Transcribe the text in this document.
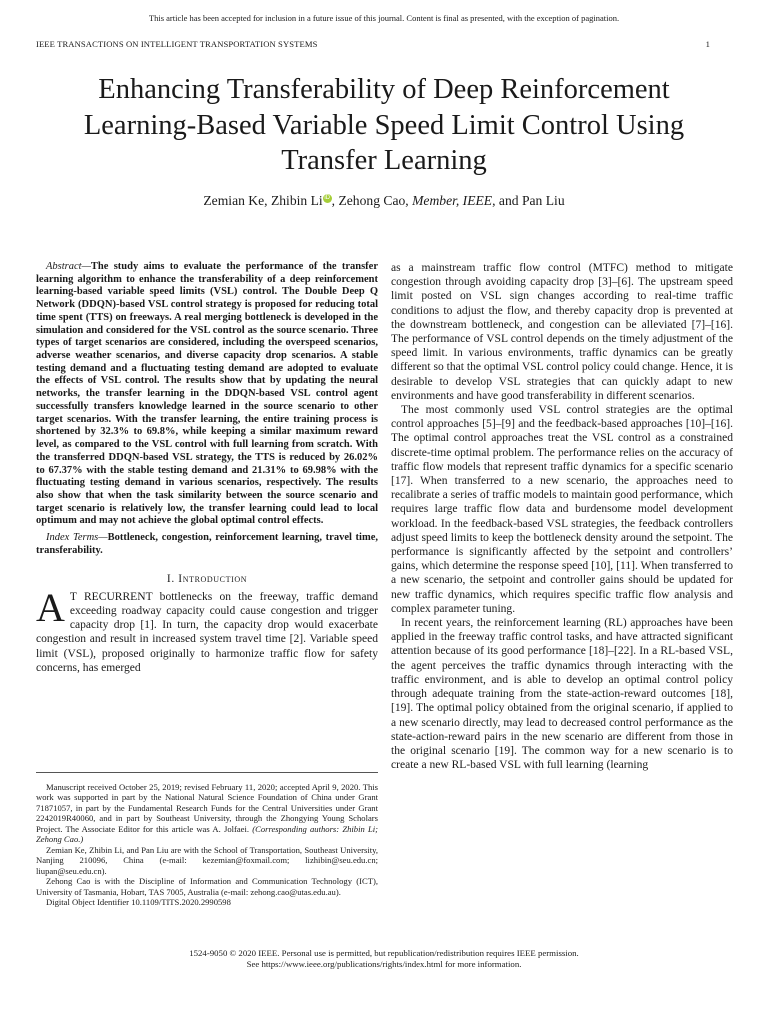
This article has been accepted for inclusion in a future issue of this journal. Content is final as presented, with the exception of pagination.
IEEE TRANSACTIONS ON INTELLIGENT TRANSPORTATION SYSTEMS	1
Enhancing Transferability of Deep Reinforcement Learning-Based Variable Speed Limit Control Using Transfer Learning
Zemian Ke, Zhibin Li iD , Zehong Cao, Member, IEEE, and Pan Liu

Abstract—The study aims to evaluate the performance of the transfer learning algorithm to enhance the transferability of a deep reinforcement learning-based variable speed limits (VSL) control. The Double Deep Q Network (DDQN)-based VSL control strategy is proposed for reducing total time spent (TTS) on freeways. A real merging bottleneck is developed in the simulation and considered for the VSL control as the source scenario. Three types of target scenarios are considered, including the overspeed scenarios, adverse weather scenarios, and diverse capacity drop scenarios. A stable testing demand and a fluctuating testing demand are adopted to evaluate the effects of VSL control. The results show that by updating the neural networks, the transfer learning in the DDQN-based VSL control agent successfully transfers knowledge learned in the source scenario to other target scenarios. With the transfer learning, the entire training process is shortened by 32.3% to 69.8%, while keeping a similar maximum reward level, as compared to the VSL control with full learning from scratch. With the transferred DDQN-based VSL strategy, the TTS is reduced by 26.02% to 67.37% with the stable testing demand and 21.31% to 69.98% with the fluctuating testing demand in various scenarios, respectively. The results also show that when the task similarity between the source scenario and target scenario is relatively low, the transfer learning could lead to local optimum and may not achieve the global optimal control effects.

Index Terms—Bottleneck, congestion, reinforcement learning, travel time, transferability.

I. Introduction

A T RECURRENT bottlenecks on the freeway, traffic demand exceeding roadway capacity could cause congestion and trigger capacity drop [1]. In turn, the capacity drop would exacerbate congestion and result in increased system travel time [2]. Variable speed limit (VSL), proposed originally to harmonize traffic flow for safety concerns, has emerged

as a mainstream traffic flow control (MTFC) method to mitigate congestion through avoiding capacity drop [3]–[6]. The upstream speed limit posted on VSL sign changes according to real-time traffic conditions to adjust the flow, and thereby capacity drop is prevented at the downstream bottleneck, and congestion can be alleviated [7]–[16]. The performance of VSL control depends on the timely adjustment of the speed limit. In various environments, traffic dynamics can be greatly different so that the optimal VSL control policy could change. Hence, it is desirable to develop VSL strategies that can quickly adapt to new environments and have good transferability in different scenarios.

The most commonly used VSL control strategies are the optimal control approaches [5]–[9] and the feedback-based approaches [10]–[16]. The optimal control approaches treat the VSL control as a constrained discrete-time optimal problem. The performance relies on the accuracy of traffic flow models that represent traffic dynamics for a specific scenario [17]. When transferred to a new scenario, the approaches need to recalibrate a series of traffic models to maintain good performance, which requires large traffic flow data and burdensome model development workload. In the feedback-based VSL strategies, the feedback controllers adjust speed limits to keep the bottleneck density around the setpoint. The performance is significantly affected by the setpoint and controllers’ gains, which determine the response speed [10], [11]. When transferred to a new scenario, the setpoint and controller gains should be updated for new traffic dynamics, which requires specific traffic flow analysis and complex parameter tuning.

In recent years, the reinforcement learning (RL) approaches have been applied in the freeway traffic control tasks, and have attracted significant attention because of its good performance [18]–[22]. In a RL-based VSL, the agent perceives the traffic dynamics through interacting with the traffic environment, and is able to develop an optimal control policy through adequate training from the state-action-reward outcomes [18], [19]. The optimal policy obtained from the original scenario, if applied to a new scenario directly, may lead to decreased control performance as the state-action-reward pairs in the new scenario are different from those in the original scenario [19]. The common way for a new scenario is to create a new RL-based VSL with full learning (learning

Manuscript received October 25, 2019; revised February 11, 2020; accepted April 9, 2020. This work was supported in part by the National Natural Science Foundation of China under Grant 71871057, in part by the Fundamental Research Funds for the Central Universities under Grant 2242019R40060, and in part by Southeast University, through the Zhongying Young Scholars Project. The Associate Editor for this article was A. Jolfaei. (Corresponding authors: Zhibin Li; Zehong Cao.)

Zemian Ke, Zhibin Li, and Pan Liu are with the School of Transportation, Southeast University, Nanjing 210096, China (e-mail: kezemian@foxmail.com; lizhibin@seu.edu.cn; liupan@seu.edu.cn).

Zehong Cao is with the Discipline of Information and Communication Technology (ICT), University of Tasmania, Hobart, TAS 7005, Australia (e-mail: zehong.cao@utas.edu.au).

Digital Object Identifier 10.1109/TITS.2020.2990598

1524-9050 © 2020 IEEE. Personal use is permitted, but republication/redistribution requires IEEE permission.
See https://www.ieee.org/publications/rights/index.html for more information.
